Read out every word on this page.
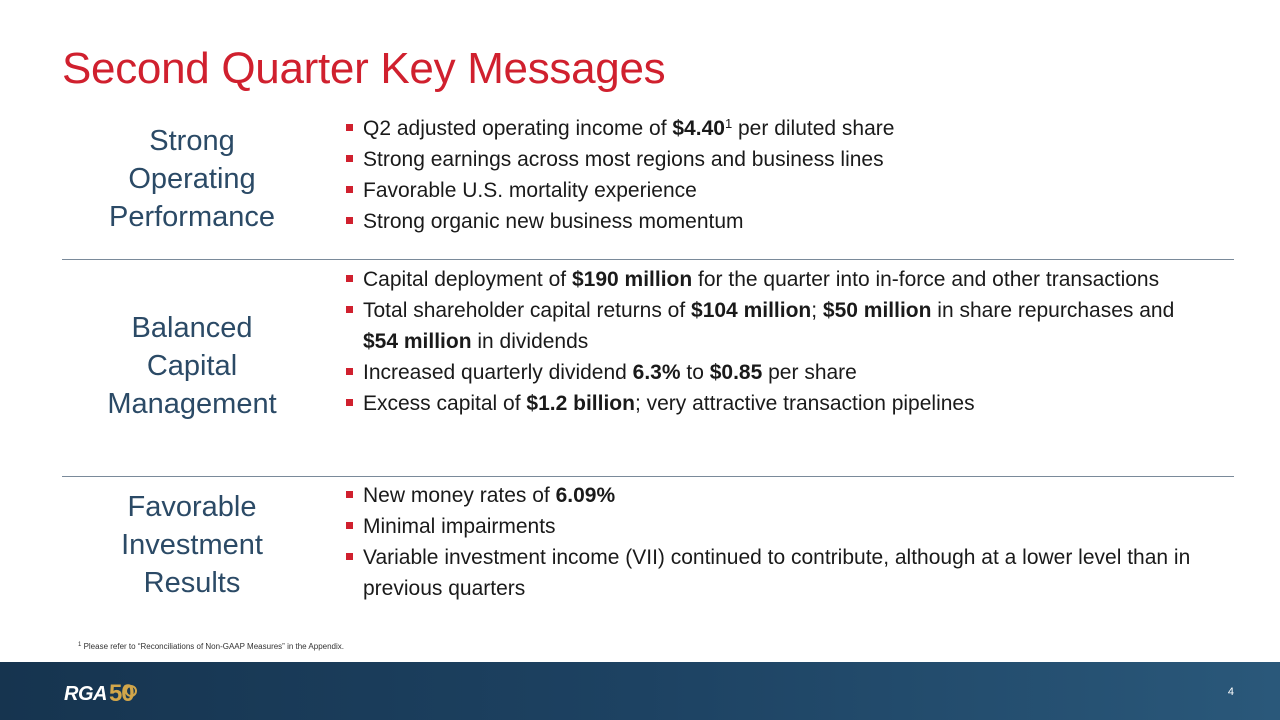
Second Quarter Key Messages
Strong
Operating
Performance
Q2 adjusted operating income of $4.40$^1$ per diluted share
Strong earnings across most regions and business lines
Favorable U.S. mortality experience
Strong organic new business momentum
Balanced
Capital
Management
Capital deployment of $190 million for the quarter into in-force and other transactions
Total shareholder capital returns of $104 million; $50 million in share repurchases and $54 million in dividends
Increased quarterly dividend 6.3% to $0.85 per share
Excess capital of $1.2 billion; very attractive transaction pipelines
Favorable
Investment
Results
New money rates of 6.09%
Minimal impairments
Variable investment income (VII) continued to contribute, although at a lower level than in previous quarters
$^1$ Please refer to “Reconciliations of Non-GAAP Measures” in the Appendix.
RGA 50	4
